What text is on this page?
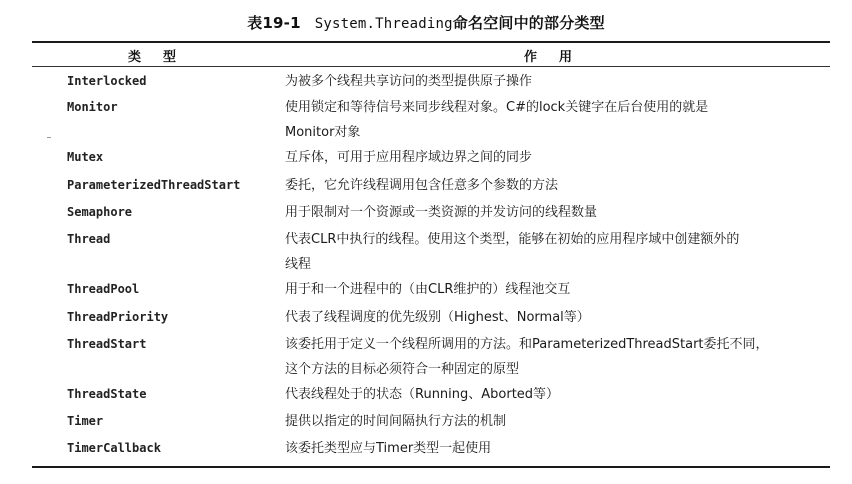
表19-1 System.Threading命名空间中的部分类型
类型	作用
Interlocked	为被多个线程共享访问的类型提供原子操作
Monitor	使用锁定和等待信号来同步线程对象。C#的lock关键字在后台使用的就是
Monitor对象
Mutex	互斥体，可用于应用程序域边界之间的同步
ParameterizedThreadStart	委托，它允许线程调用包含任意多个参数的方法
Semaphore	用于限制对一个资源或一类资源的并发访问的线程数量
Thread	代表CLR中执行的线程。使用这个类型，能够在初始的应用程序域中创建额外的
线程
ThreadPool	用于和一个进程中的（由CLR维护的）线程池交互
ThreadPriority	代表了线程调度的优先级别（Highest、Normal等）
ThreadStart	该委托用于定义一个线程所调用的方法。和ParameterizedThreadStart委托不同，
这个方法的目标必须符合一种固定的原型
ThreadState	代表线程处于的状态（Running、Aborted等）
Timer	提供以指定的时间间隔执行方法的机制
TimerCallback	该委托类型应与Timer类型一起使用
